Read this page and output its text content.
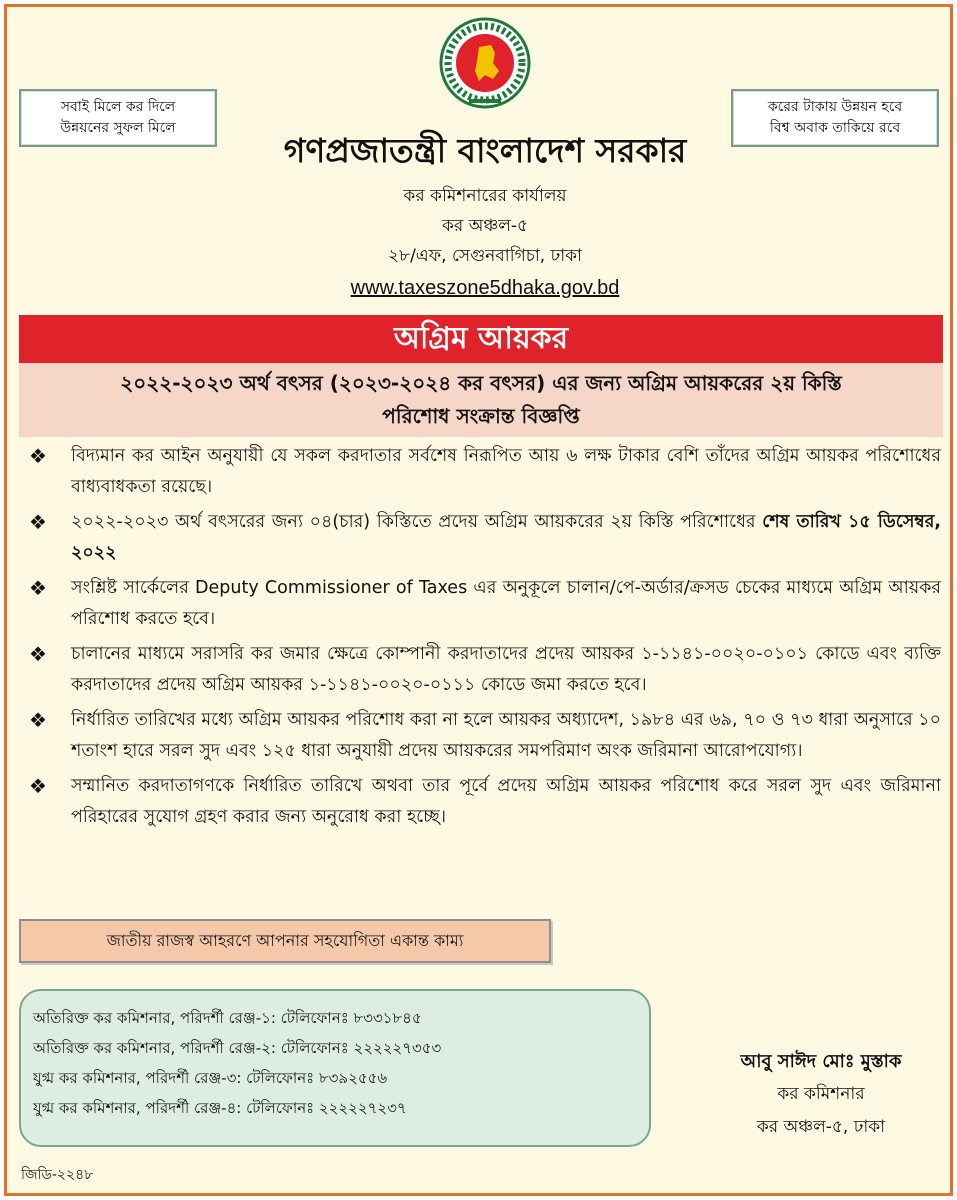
সবাই মিলে কর দিলে
উন্নয়নের সুফল মিলে
করের টাকায় উন্নয়ন হবে
বিশ্ব অবাক তাকিয়ে রবে
গণপ্রজাতন্ত্রী বাংলাদেশ সরকার
কর কমিশনারের কার্যালয়
কর অঞ্চল-৫
২৮/এফ, সেগুনবাগিচা, ঢাকা
www.taxeszone5dhaka.gov.bd
অগ্রিম আয়কর
২০২২-২০২৩ অর্থ বৎসর (২০২৩-২০২৪ কর বৎসর) এর জন্য অগ্রিম আয়করের ২য় কিস্তি
পরিশোধ সংক্রান্ত বিজ্ঞপ্তি
❖ বিদ্যমান কর আইন অনুযায়ী যে সকল করদাতার সর্বশেষ নিরূপিত আয় ৬ লক্ষ টাকার বেশি তাঁদের অগ্রিম আয়কর পরিশোধের বাধ্যবাধকতা রয়েছে।
❖ ২০২২-২০২৩ অর্থ বৎসরের জন্য ০৪(চার) কিস্তিতে প্রদেয় অগ্রিম আয়করের ২য় কিস্তি পরিশোধের শেষ তারিখ ১৫ ডিসেম্বর, ২০২২
❖ সংশ্লিষ্ট সার্কেলের Deputy Commissioner of Taxes এর অনুকূলে চালান/পে-অর্ডার/ক্রসড চেকের মাধ্যমে অগ্রিম আয়কর পরিশোধ করতে হবে।
❖ চালানের মাধ্যমে সরাসরি কর জমার ক্ষেত্রে কোম্পানী করদাতাদের প্রদেয় আয়কর ১-১১৪১-০০২০-০১০১ কোডে এবং ব্যক্তি করদাতাদের প্রদেয় অগ্রিম আয়কর ১-১১৪১-০০২০-০১১১ কোডে জমা করতে হবে।
❖ নির্ধারিত তারিখের মধ্যে অগ্রিম আয়কর পরিশোধ করা না হলে আয়কর অধ্যাদেশ, ১৯৮৪ এর ৬৯, ৭০ ও ৭৩ ধারা অনুসারে ১০ শতাংশ হারে সরল সুদ এবং ১২৫ ধারা অনুযায়ী প্রদেয় আয়করের সমপরিমাণ অংক জরিমানা আরোপযোগ্য।
❖ সম্মানিত করদাতাগণকে নির্ধারিত তারিখে অথবা তার পূর্বে প্রদেয় অগ্রিম আয়কর পরিশোধ করে সরল সুদ এবং জরিমানা পরিহারের সুযোগ গ্রহণ করার জন্য অনুরোধ করা হচ্ছে।
জাতীয় রাজস্ব আহরণে আপনার সহযোগিতা একান্ত কাম্য
অতিরিক্ত কর কমিশনার, পরিদর্শী রেঞ্জ-১: টেলিফোনঃ ৮৩৩১৮৪৫
অতিরিক্ত কর কমিশনার, পরিদর্শী রেঞ্জ-২: টেলিফোনঃ ২২২২২৭৩৫৩
যুগ্ম কর কমিশনার, পরিদর্শী রেঞ্জ-৩: টেলিফোনঃ ৮৩৯২৫৫৬
যুগ্ম কর কমিশনার, পরিদর্শী রেঞ্জ-৪: টেলিফোনঃ ২২২২২৭২৩৭
আবু সাঈদ মোঃ মুস্তাক
কর কমিশনার
কর অঞ্চল-৫, ঢাকা
জিডি-২২৪৮
